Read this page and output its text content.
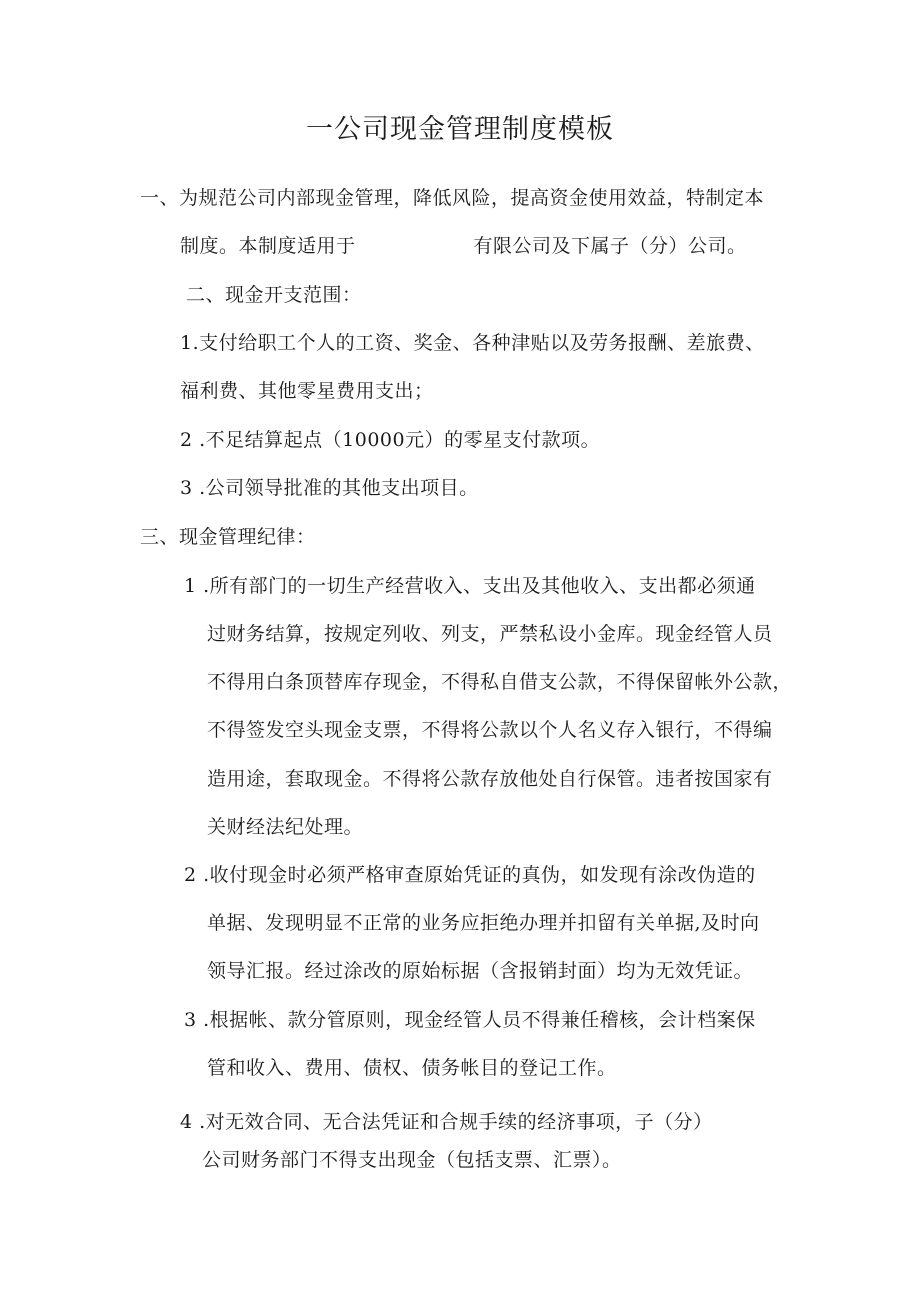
一公司现金管理制度模板
一、为规范公司内部现金管理，降低风险，提高资金使用效益，特制定本
制度。本制度适用于	有限公司及下属子（分）公司。
二、现金开支范围：
1.支付给职工个人的工资、奖金、各种津贴以及劳务报酬、差旅费、
福利费、其他零星费用支出；
2 .不足结算起点（10000元）的零星支付款项。
3 .公司领导批准的其他支出项目。
三、现金管理纪律：
1 .所有部门的一切生产经营收入、支出及其他收入、支出都必须通
过财务结算，按规定列收、列支，严禁私设小金库。现金经管人员
不得用白条顶替库存现金，不得私自借支公款，不得保留帐外公款，
不得签发空头现金支票，不得将公款以个人名义存入银行，不得编
造用途，套取现金。不得将公款存放他处自行保管。违者按国家有
关财经法纪处理。
2 .收付现金时必须严格审查原始凭证的真伪，如发现有涂改伪造的
单据、发现明显不正常的业务应拒绝办理并扣留有关单据,及时向
领导汇报。经过涂改的原始标据（含报销封面）均为无效凭证。
3 .根据帐、款分管原则，现金经管人员不得兼任稽核，会计档案保
管和收入、费用、债权、债务帐目的登记工作。
4 .对无效合同、无合法凭证和合规手续的经济事项，子（分）
公司财务部门不得支出现金（包括支票、汇票）。
